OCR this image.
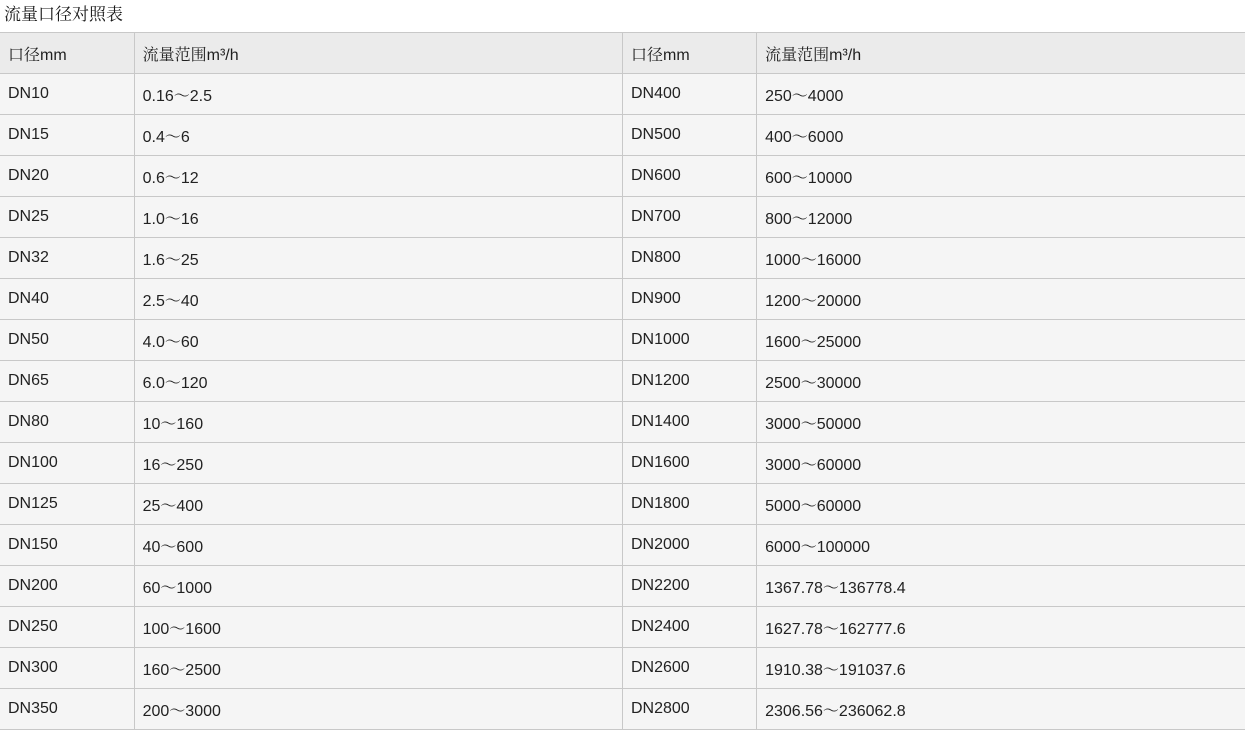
流量口径对照表
口径mm	流量范围m³/h	口径mm	流量范围m³/h
DN10	0.16～2.5	DN400	250～4000
DN15	0.4～6	DN500	400～6000
DN20	0.6～12	DN600	600～10000
DN25	1.0～16	DN700	800～12000
DN32	1.6～25	DN800	1000～16000
DN40	2.5～40	DN900	1200～20000
DN50	4.0～60	DN1000	1600～25000
DN65	6.0～120	DN1200	2500～30000
DN80	10～160	DN1400	3000～50000
DN100	16～250	DN1600	3000～60000
DN125	25～400	DN1800	5000～60000
DN150	40～600	DN2000	6000～100000
DN200	60～1000	DN2200	1367.78～136778.4
DN250	100～1600	DN2400	1627.78～162777.6
DN300	160～2500	DN2600	1910.38～191037.6
DN350	200～3000	DN2800	2306.56～236062.8
